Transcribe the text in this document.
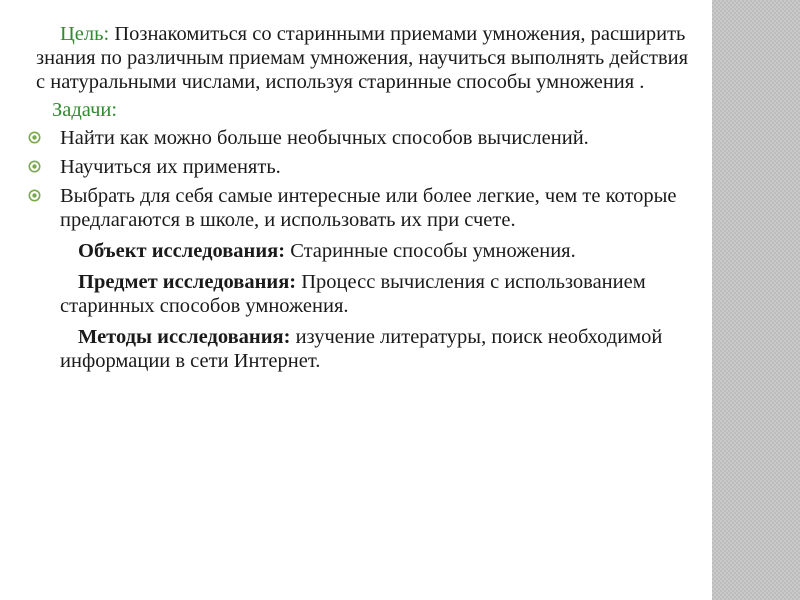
Цель: Познакомиться со старинными приемами умножения, расширить знания по различным приемам умножения, научиться выполнять действия с натуральными числами, используя старинные способы умножения .

Задачи:
Найти как можно больше необычных способов вычислений.
Научиться их применять.
Выбрать для себя самые интересные или более легкие, чем те которые предлагаются в школе, и использовать их при счете.

Объект исследования: Старинные способы умножения.

Предмет исследования: Процесс вычисления с использованием старинных способов умножения.

Методы исследования: изучение литературы, поиск необходимой информации в сети Интернет.
